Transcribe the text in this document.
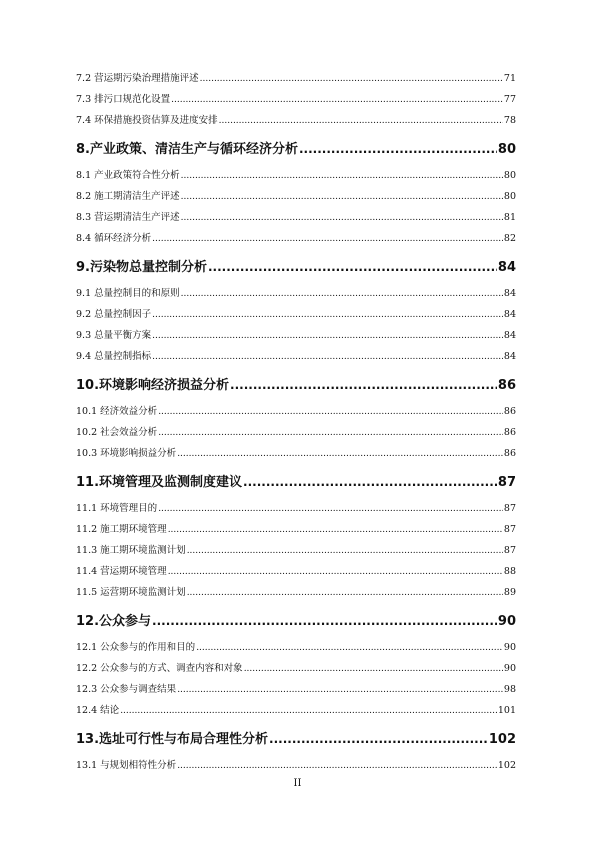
7.2 营运期污染治理措施评述 .....	71
7.3 排污口规范化设置 .....	77
7.4 环保措施投资估算及进度安排 .....	78
8.产业政策、清洁生产与循环经济分析 .....	80
8.1 产业政策符合性分析 .....	80
8.2 施工期清洁生产评述 .....	80
8.3 营运期清洁生产评述 .....	81
8.4 循环经济分析 .....	82
9.污染物总量控制分析 .....	84
9.1 总量控制目的和原则 .....	84
9.2 总量控制因子 .....	84
9.3 总量平衡方案 .....	84
9.4 总量控制指标 .....	84
10.环境影响经济损益分析 .....	86
10.1 经济效益分析 .....	86
10.2 社会效益分析 .....	86
10.3 环境影响损益分析 .....	86
11.环境管理及监测制度建议 .....	87
11.1 环境管理目的 .....	87
11.2 施工期环境管理 .....	87
11.3 施工期环境监测计划 .....	87
11.4 营运期环境管理 .....	88
11.5 运营期环境监测计划 .....	89
12.公众参与 .....	90
12.1 公众参与的作用和目的 .....	90
12.2 公众参与的方式、调查内容和对象 .....	90
12.3 公众参与调查结果 .....	98
12.4 结论 .....	101
13.选址可行性与布局合理性分析 .....	102
13.1 与规划相符性分析 .....	102
II
